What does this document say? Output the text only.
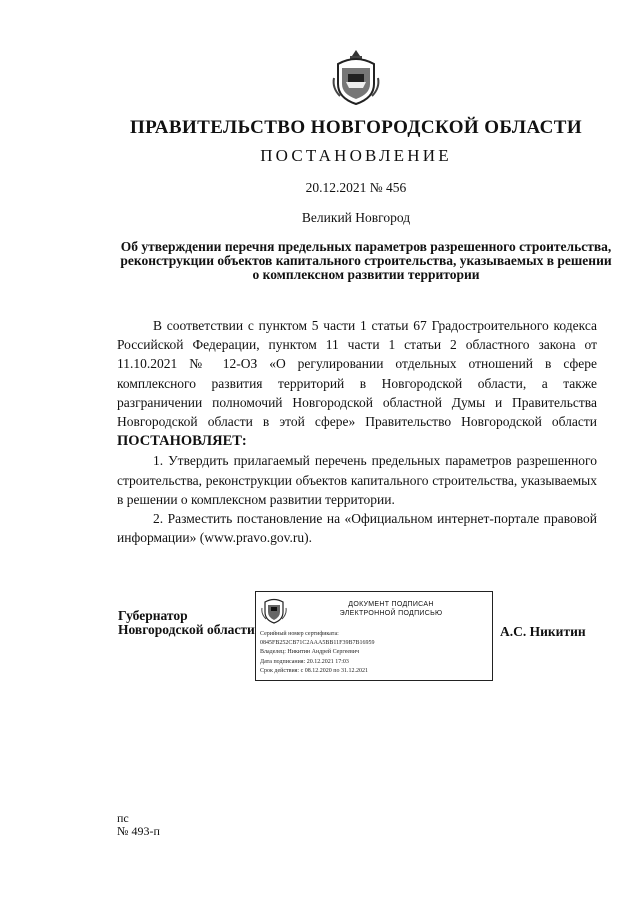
ПРАВИТЕЛЬСТВО НОВГОРОДСКОЙ ОБЛАСТИ
ПОСТАНОВЛЕНИЕ
20.12.2021 № 456
Великий Новгород
Об утверждении перечня предельных параметров разрешенного строительства, реконструкции объектов капитального строительства, указываемых в решении о комплексном развитии территории

В соответствии с пунктом 5 части 1 статьи 67 Градостроительного кодекса Российской Федерации, пунктом 11 части 1 статьи 2 областного закона от 11.10.2021 № 12-ОЗ «О регулировании отдельных отношений в сфере комплексного развития территорий в Новгородской области, а также разграничении полномочий Новгородской областной Думы и Правительства Новгородской области в этой сфере» Правительство Новгородской области ПОСТАНОВЛЯЕТ:

1. Утвердить прилагаемый перечень предельных параметров разрешенного строительства, реконструкции объектов капитального строительства, указываемых в решении о комплексном развитии территории.

2. Разместить постановление на «Официальном интернет-портале правовой информации» (www.pravo.gov.ru).

Губернатор
Новгородской области
ДОКУМЕНТ ПОДПИСАН
ЭЛЕКТРОННОЙ ПОДПИСЬЮ
Серийный номер сертификата:
0845FB252CB71C2AAA5BB11F39B7B16959
Владелец: Никитин Андрей Сергеевич
Дата подписания: 20.12.2021 17:03
Срок действия: с 08.12.2020 по 31.12.2021
А.С. Никитин
пс
№ 493-п
